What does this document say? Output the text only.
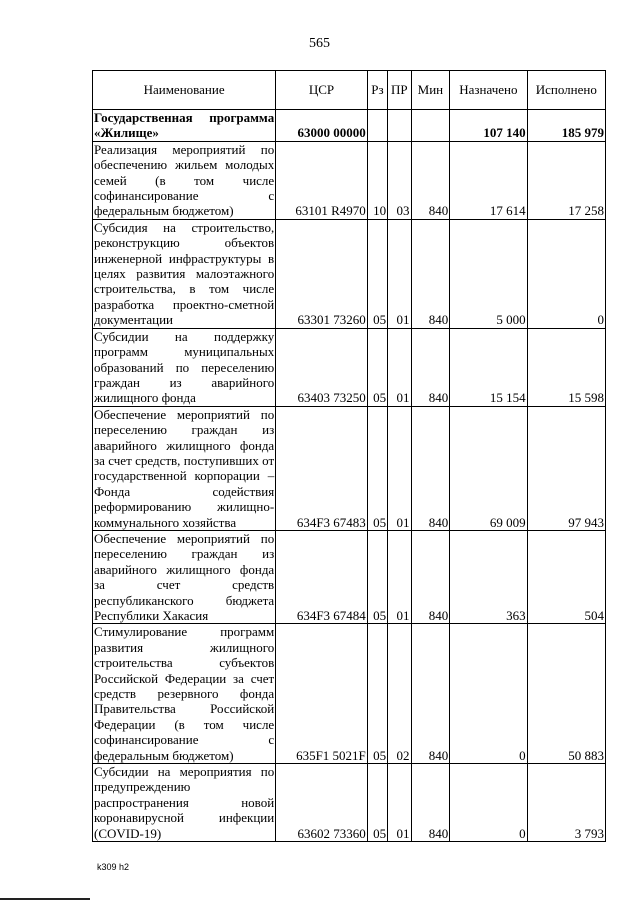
565
Наименование	ЦСР	Рз	ПР	Мин	Назначено	Исполнено
Государственная программа «Жилище»	63000 00000				107 140	185 979
Реализация мероприятий по обеспечению жильем молодых семей (в том числе софинансирование с федеральным бюджетом)	63101 R4970	10	03	840	17 614	17 258
Субсидия на строительство, реконструкцию объектов инженерной инфраструктуры в целях развития малоэтажного строительства, в том числе разработка проектно-сметной документации	63301 73260	05	01	840	5 000	0
Субсидии на поддержку программ муниципальных образований по переселению граждан из аварийного жилищного фонда	63403 73250	05	01	840	15 154	15 598
Обеспечение мероприятий по переселению граждан из аварийного жилищного фонда за счет средств, поступивших от государственной корпорации – Фонда содействия реформированию жилищно-коммунального хозяйства	634F3 67483	05	01	840	69 009	97 943
Обеспечение мероприятий по переселению граждан из аварийного жилищного фонда за счет средств республиканского бюджета Республики Хакасия	634F3 67484	05	01	840	363	504
Стимулирование программ развития жилищного строительства субъектов Российской Федерации за счет средств резервного фонда Правительства Российской Федерации (в том числе софинансирование с федеральным бюджетом)	635F1 5021F	05	02	840	0	50 883
Субсидии на мероприятия по предупреждению распространения новой коронавирусной инфекции (COVID-19)	63602 73360	05	01	840	0	3 793
k309 h2
